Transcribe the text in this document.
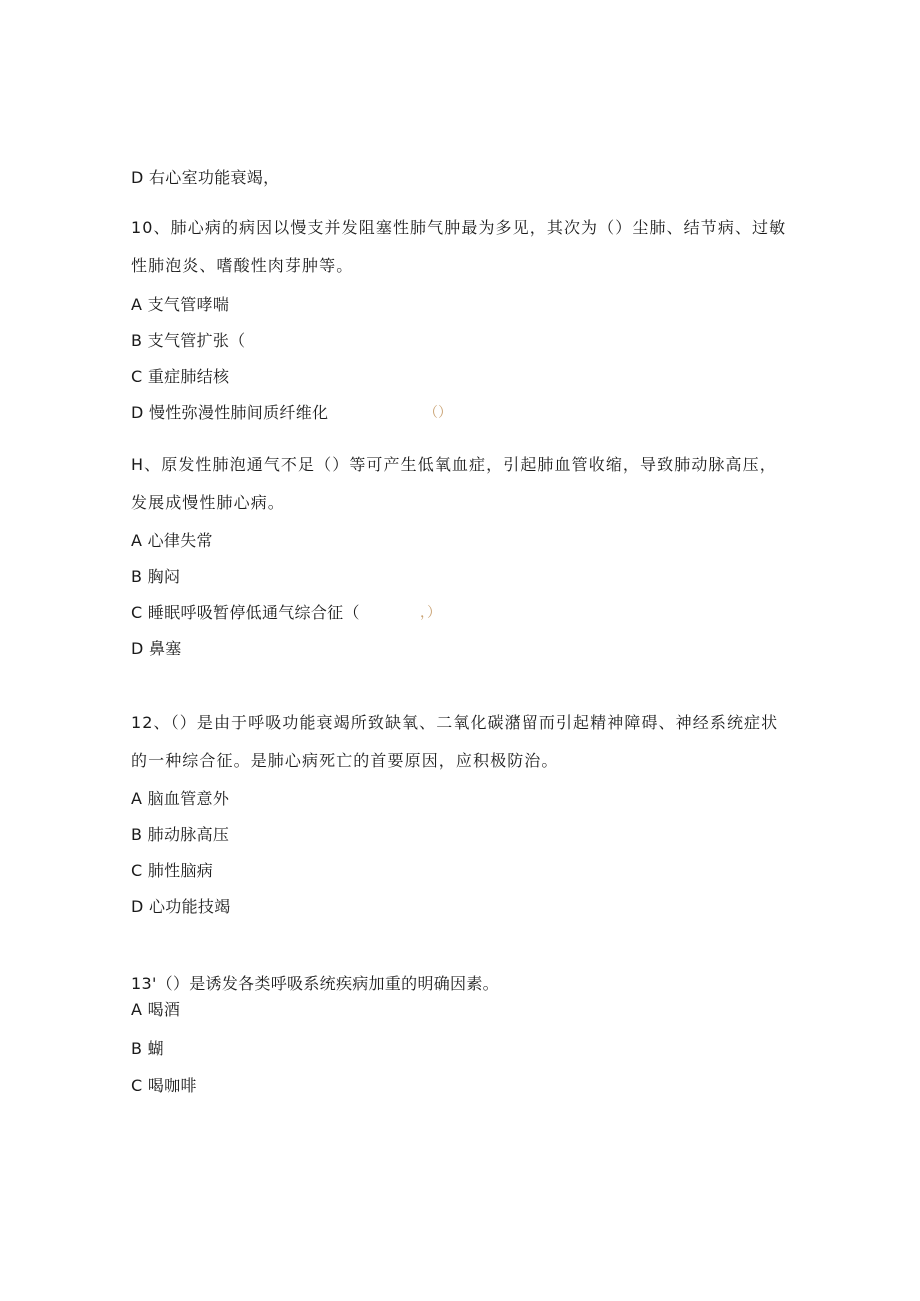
D 右心室功能衰竭，
10、肺心病的病因以慢支并发阻塞性肺气肿最为多见，其次为（）尘肺、结节病、过敏
性肺泡炎、嗜酸性肉芽肿等。
A 支气管哮喘
B 支气管扩张（
C 重症肺结核
D 慢性弥漫性肺间质纤维化	（）
H、原发性肺泡通气不足（）等可产生低氧血症，引起肺血管收缩，导致肺动脉高压，
发展成慢性肺心病。
A 心律失常
B 胸闷
C 睡眠呼吸暂停低通气综合征（	，）
D 鼻塞
12、（）是由于呼吸功能衰竭所致缺氧、二氧化碳潴留而引起精神障碍、神经系统症状
的一种综合征。是肺心病死亡的首要原因，应积极防治。
A 脑血管意外
B 肺动脉高压
C 肺性脑病
D 心功能技竭
13'（）是诱发各类呼吸系统疾病加重的明确因素。
A 喝酒
B 蝴
C 喝咖啡
